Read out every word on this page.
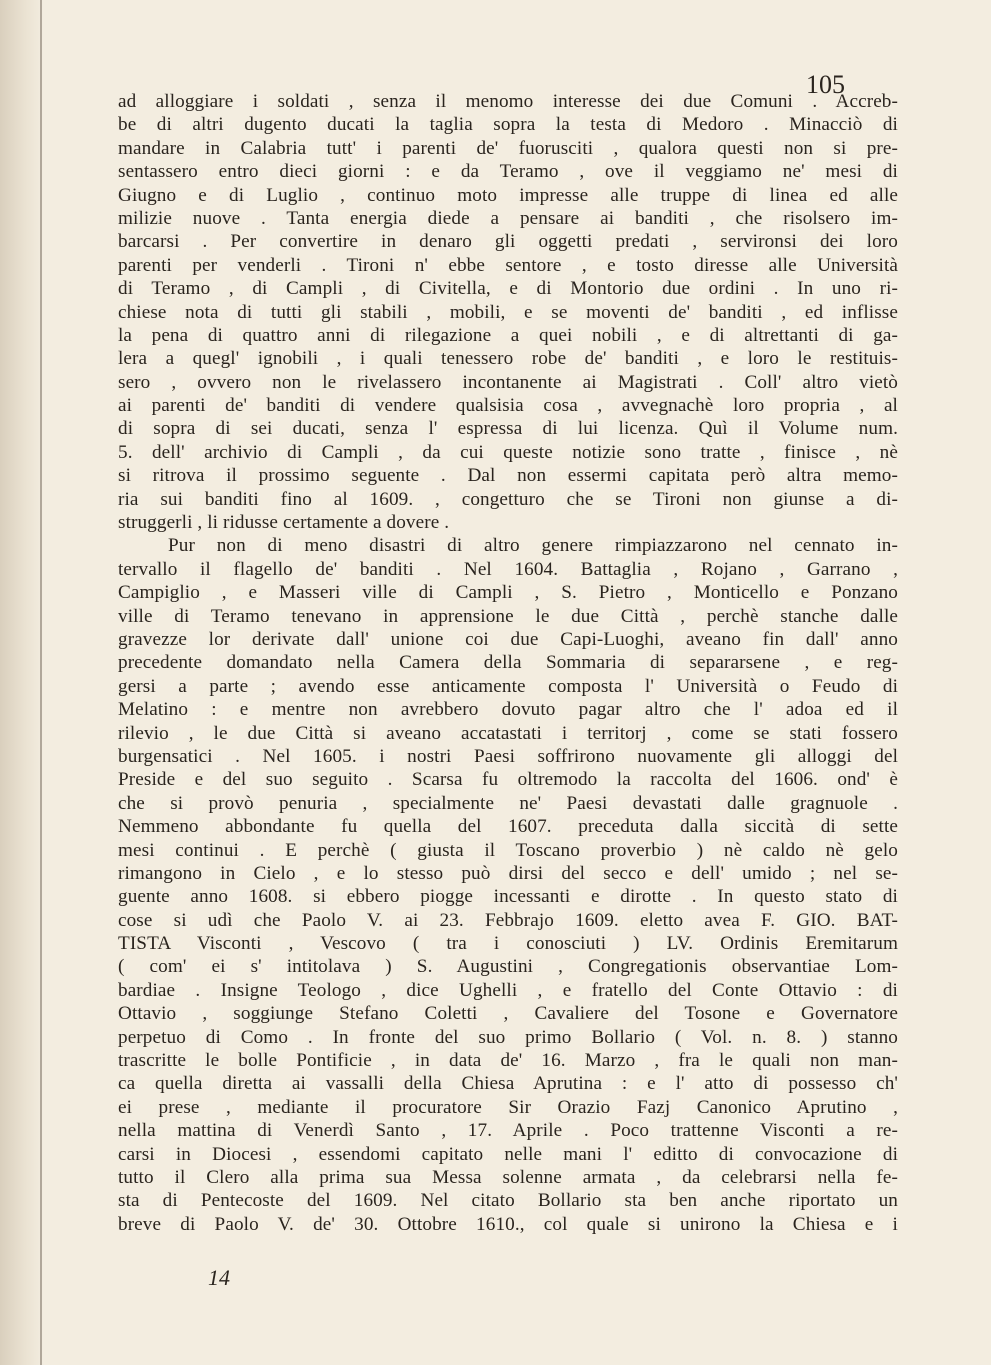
105
ad alloggiare i soldati , senza il menomo interesse dei due Comuni . Accreb-
be di altri dugento ducati la taglia sopra la testa di Medoro . Minacciò di
mandare in Calabria tutt' i parenti de' fuorusciti , qualora questi non si pre-
sentassero entro dieci giorni : e da Teramo , ove il veggiamo ne' mesi di
Giugno e di Luglio , continuo moto impresse alle truppe di linea ed alle
milizie nuove . Tanta energia diede a pensare ai banditi , che risolsero im-
barcarsi . Per convertire in denaro gli oggetti predati , servironsi dei loro
parenti per venderli . Tironi n' ebbe sentore , e tosto diresse alle Università
di Teramo , di Campli , di Civitella, e di Montorio due ordini . In uno ri-
chiese nota di tutti gli stabili , mobili, e se moventi de' banditi , ed inflisse
la pena di quattro anni di rilegazione a quei nobili , e di altrettanti di ga-
lera a quegl' ignobili , i quali tenessero robe de' banditi , e loro le restituis-
sero , ovvero non le rivelassero incontanente ai Magistrati . Coll' altro vietò
ai parenti de' banditi di vendere qualsisia cosa , avvegnachè loro propria , al
di sopra di sei ducati, senza l' espressa di lui licenza. Quì il Volume num.
5. dell' archivio di Campli , da cui queste notizie sono tratte , finisce , nè
si ritrova il prossimo seguente . Dal non essermi capitata però altra memo-
ria sui banditi fino al 1609. , congetturo che se Tironi non giunse a di-
struggerli , li ridusse certamente a dovere .
Pur non di meno disastri di altro genere rimpiazzarono nel cennato in-
tervallo il flagello de' banditi . Nel 1604. Battaglia , Rojano , Garrano ,
Campiglio , e Masseri ville di Campli , S. Pietro , Monticello e Ponzano
ville di Teramo tenevano in apprensione le due Città , perchè stanche dalle
gravezze lor derivate dall' unione coi due Capi-Luoghi, aveano fin dall' anno
precedente domandato nella Camera della Sommaria di separarsene , e reg-
gersi a parte ; avendo esse anticamente composta l' Università o Feudo di
Melatino : e mentre non avrebbero dovuto pagar altro che l' adoa ed il
rilevio , le due Città si aveano accatastati i territorj , come se stati fossero
burgensatici . Nel 1605. i nostri Paesi soffrirono nuovamente gli alloggi del
Preside e del suo seguito . Scarsa fu oltremodo la raccolta del 1606. ond' è
che si provò penuria , specialmente ne' Paesi devastati dalle gragnuole .
Nemmeno abbondante fu quella del 1607. preceduta dalla siccità di sette
mesi continui . E perchè ( giusta il Toscano proverbio ) nè caldo nè gelo
rimangono in Cielo , e lo stesso può dirsi del secco e dell' umido ; nel se-
guente anno 1608. si ebbero piogge incessanti e dirotte . In questo stato di
cose si udì che Paolo V. ai 23. Febbrajo 1609. eletto avea F. GIO. BAT-
TISTA Visconti , Vescovo ( tra i conosciuti ) LV. Ordinis Eremitarum
( com' ei s' intitolava ) S. Augustini , Congregationis observantiae Lom-
bardiae . Insigne Teologo , dice Ughelli , e fratello del Conte Ottavio : di
Ottavio , soggiunge Stefano Coletti , Cavaliere del Tosone e Governatore
perpetuo di Como . In fronte del suo primo Bollario ( Vol. n. 8. ) stanno
trascritte le bolle Pontificie , in data de' 16. Marzo , fra le quali non man-
ca quella diretta ai vassalli della Chiesa Aprutina : e l' atto di possesso ch'
ei prese , mediante il procuratore Sir Orazio Fazj Canonico Aprutino ,
nella mattina di Venerdì Santo , 17. Aprile . Poco trattenne Visconti a re-
carsi in Diocesi , essendomi capitato nelle mani l' editto di convocazione di
tutto il Clero alla prima sua Messa solenne armata , da celebrarsi nella fe-
sta di Pentecoste del 1609. Nel citato Bollario sta ben anche riportato un
breve di Paolo V. de' 30. Ottobre 1610., col quale si unirono la Chiesa e i
14
